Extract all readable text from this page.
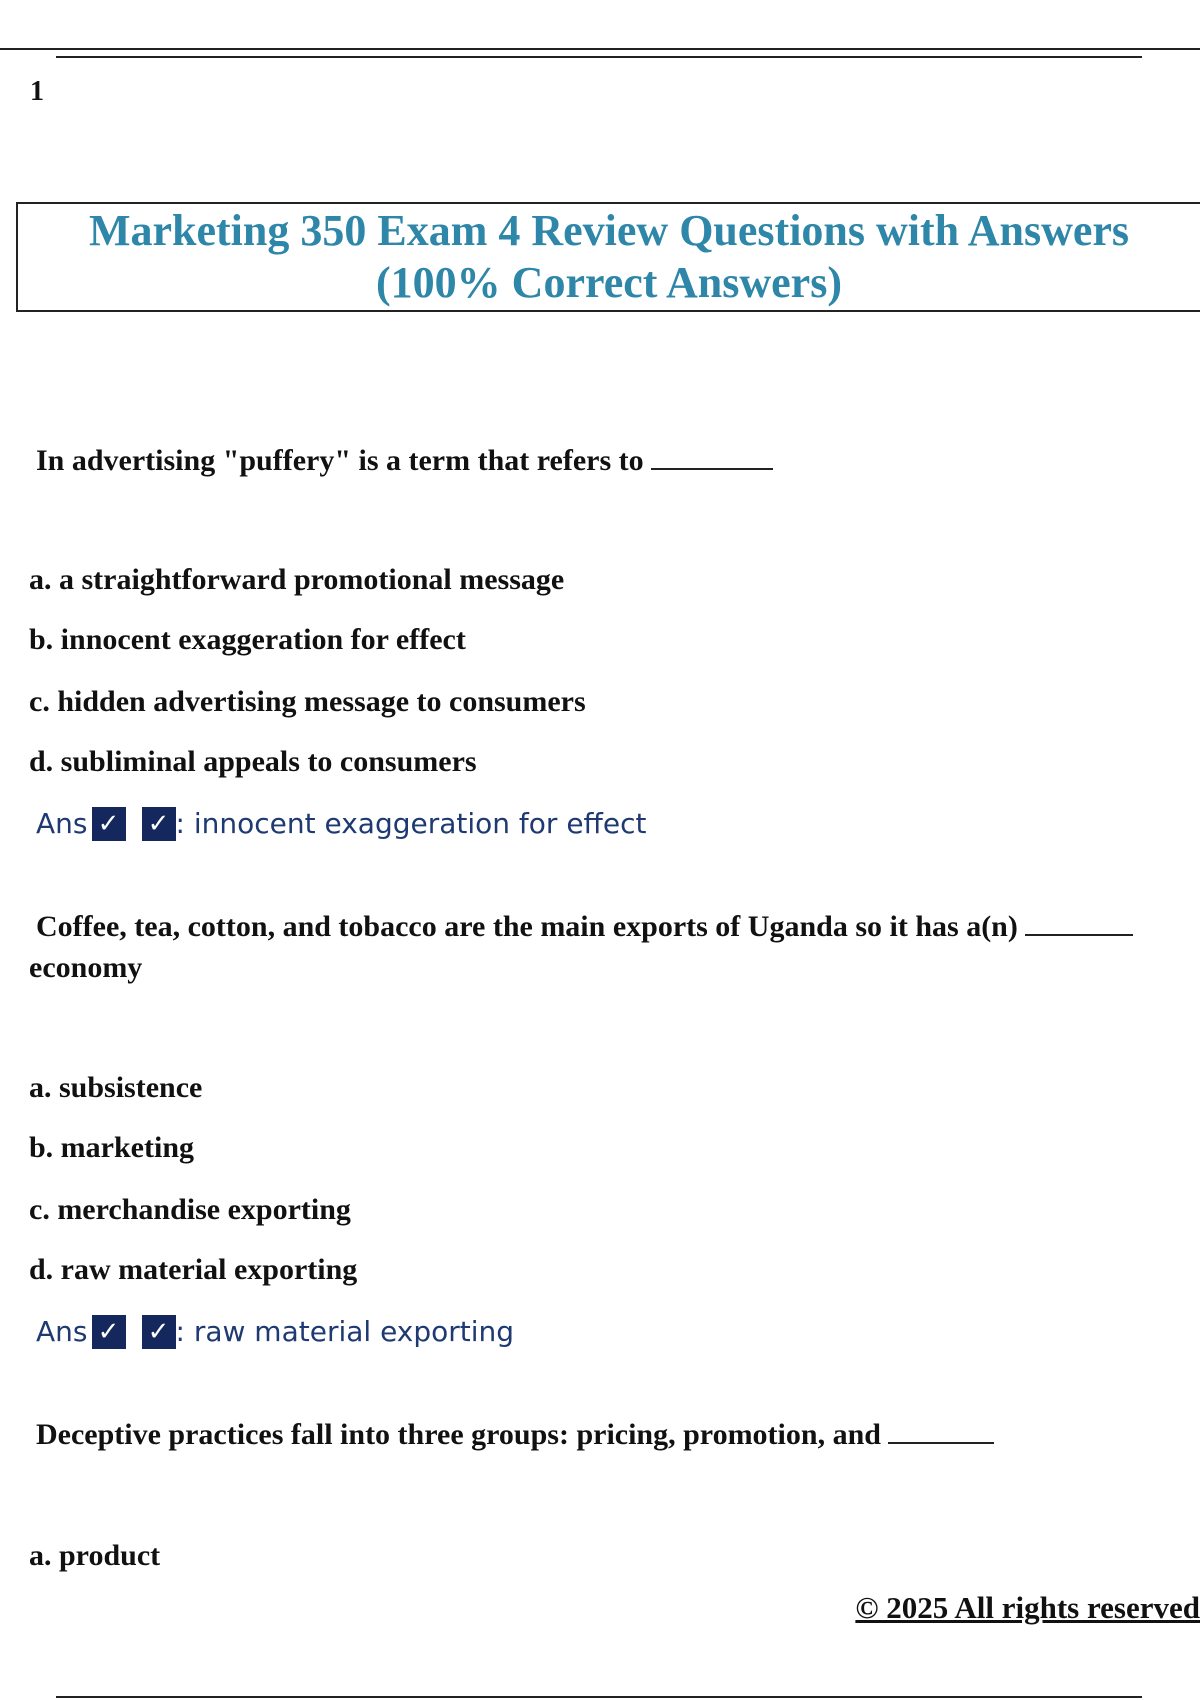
1
Marketing 350 Exam 4 Review Questions with Answers
(100% Correct Answers)
In advertising "puffery" is a term that refers to
a. a straightforward promotional message
b. innocent exaggeration for effect
c. hidden advertising message to consumers
d. subliminal appeals to consumers
Ans ✓ ✓ : innocent exaggeration for effect
Coffee, tea, cotton, and tobacco are the main exports of Uganda so it has a(n)
economy
a. subsistence
b. marketing
c. merchandise exporting
d. raw material exporting
Ans ✓ ✓ : raw material exporting
Deceptive practices fall into three groups: pricing, promotion, and
a. product
© 2025 All rights reserved
